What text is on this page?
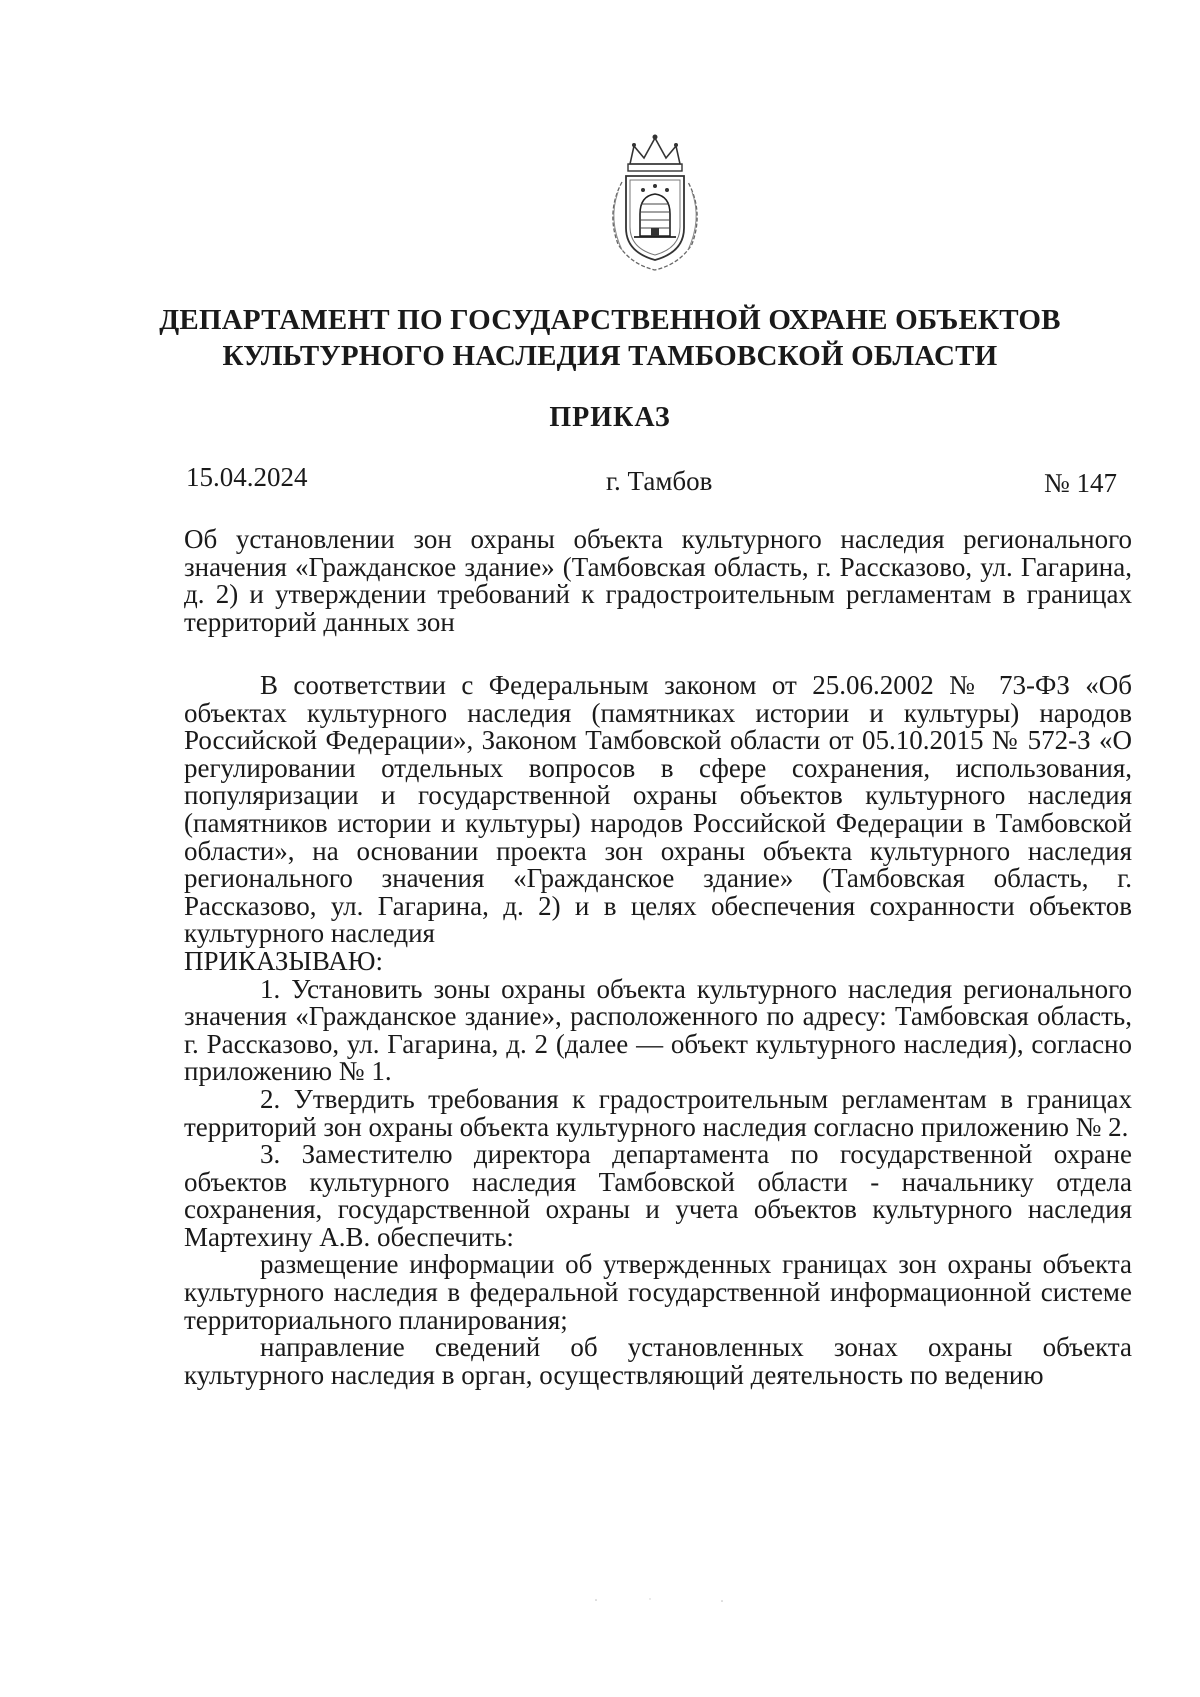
ДЕПАРТАМЕНТ ПО ГОСУДАРСТВЕННОЙ ОХРАНЕ ОБЪЕКТОВ КУЛЬТУРНОГО НАСЛЕДИЯ ТАМБОВСКОЙ ОБЛАСТИ
ПРИКАЗ
15.04.2024	г. Тамбов	№ 147

Об установлении зон охраны объекта культурного наследия регионального значения «Гражданское здание» (Тамбовская область, г. Рассказово, ул. Гагарина, д. 2) и утверждении требований к градостроительным регламентам в границах территорий данных зон

В соответствии с Федеральным законом от 25.06.2002 № 73-ФЗ «Об объектах культурного наследия (памятниках истории и культуры) народов Российской Федерации», Законом Тамбовской области от 05.10.2015 № 572-З «О регулировании отдельных вопросов в сфере сохранения, использования, популяризации и государственной охраны объектов культурного наследия (памятников истории и культуры) народов Российской Федерации в Тамбовской области», на основании проекта зон охраны объекта культурного наследия регионального значения «Гражданское здание» (Тамбовская область, г. Рассказово, ул. Гагарина, д. 2) и в целях обеспечения сохранности объектов культурного наследия

ПРИКАЗЫВАЮ:

1. Установить зоны охраны объекта культурного наследия регионального значения «Гражданское здание», расположенного по адресу: Тамбовская область, г. Рассказово, ул. Гагарина, д. 2 (далее — объект культурного наследия), согласно приложению № 1.

2. Утвердить требования к градостроительным регламентам в границах территорий зон охраны объекта культурного наследия согласно приложению № 2.

3. Заместителю директора департамента по государственной охране объектов культурного наследия Тамбовской области - начальнику отдела сохранения, государственной охраны и учета объектов культурного наследия Мартехину А.В. обеспечить:

размещение информации об утвержденных границах зон охраны объекта культурного наследия в федеральной государственной информационной системе территориального планирования;

направление сведений об установленных зонах охраны объекта культурного наследия в орган, осуществляющий деятельность по ведению
